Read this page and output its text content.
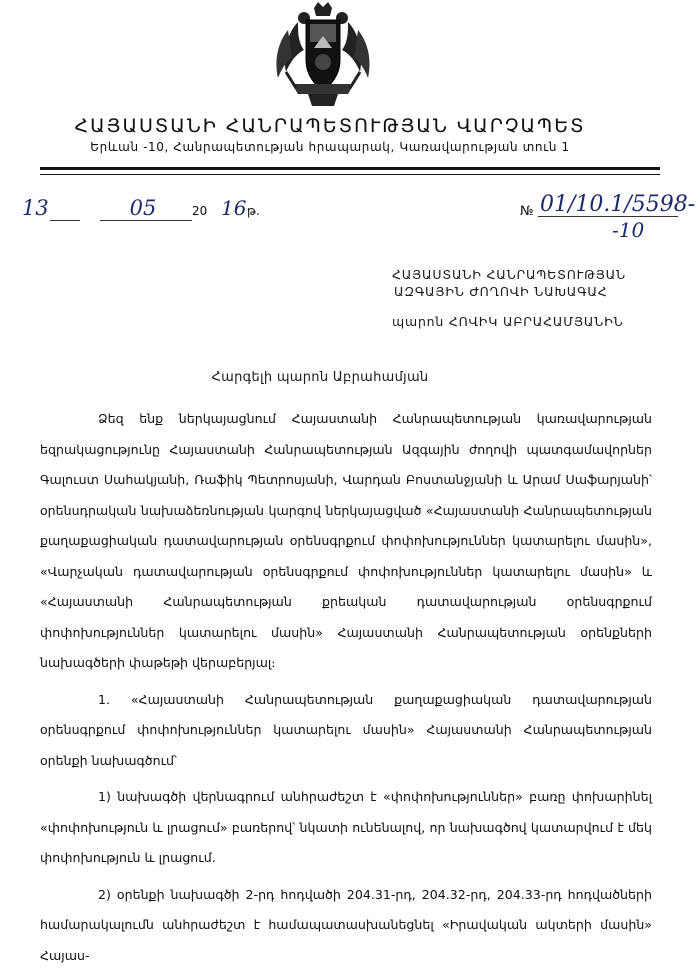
ՀԱՅԱՍՏԱՆԻ ՀԱՆՐԱՊԵՏՈՒԹՅԱՆ ՎԱՐՉԱՊԵՏ
Երևան -10, Հանրապետության հրապարակ, Կառավարության տուն 1
13	05	20 16 թ.	№ 01/10.1/5598-
-10
ՀԱՅԱՍՏԱՆԻ ՀԱՆՐԱՊԵՏՈՒԹՅԱՆ
ԱԶԳԱՅԻՆ ԺՈՂՈՎԻ ՆԱԽԱԳԱՀ
պարոն ՀՈՎԻԿ ԱԲՐԱՀԱՄՅԱՆԻՆ
Հարգելի պարոն Աբրահամյան

Ձեզ ենք ներկայացնում Հայաստանի Հանրապետության կառավարության եզրակացությունը Հայաստանի Հանրապետության Ազգային ժողովի պատգամավորներ Գալուստ Սահակյանի, Ռաֆիկ Պետրոսյանի, Վարդան Բոստանջյանի և Արամ Սաֆարյանի՝ օրենսդրական նախաձեռնության կարգով ներկայացված «Հայաստանի Հանրապետության քաղաքացիական դատավարության օրենսգրքում փոփոխություններ կատարելու մասին», «Վարչական դատավարության օրենսգրքում փոփոխություններ կատարելու մասին» և «Հայաստանի Հանրապետության քրեական դատավարության օրենսգրքում փոփոխություններ կատարելու մասին» Հայաստանի Հանրապետության օրենքների նախագծերի փաթեթի վերաբերյալ։

1. «Հայաստանի Հանրապետության քաղաքացիական դատավարության օրենսգրքում փոփոխություններ կատարելու մասին» Հայաստանի Հանրապետության օրենքի նախագծում՝

1) նախագծի վերնագրում անհրաժեշտ է «փոփոխություններ» բառը փոխարինել «փոփոխություն և լրացում» բառերով՝ նկատի ունենալով, որ նախագծով կատարվում է մեկ փոփոխություն և լրացում.

2) օրենքի նախագծի 2-րդ հոդվածի 204.31-րդ, 204.32-րդ, 204.33-րդ հոդվածների համարակալումն անհրաժեշտ է համապատասխանեցնել «Իրավական ակտերի մասին» Հայաս-
